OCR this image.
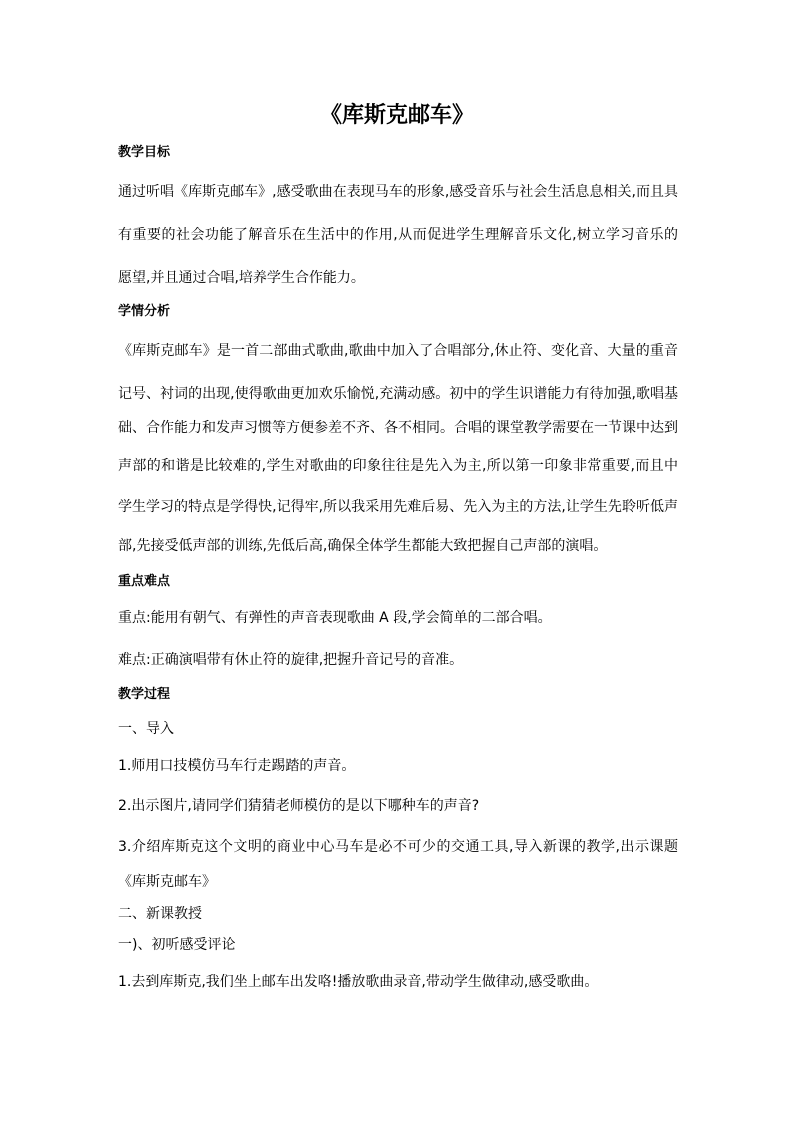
《库斯克邮车》

教学目标

通过听唱《库斯克邮车》,感受歌曲在表现马车的形象,感受音乐与社会生活息息相关,而且具

有重要的社会功能了解音乐在生活中的作用,从而促进学生理解音乐文化,树立学习音乐的

愿望,并且通过合唱,培养学生合作能力。

学情分析

《库斯克邮车》是一首二部曲式歌曲,歌曲中加入了合唱部分,休止符、变化音、大量的重音

记号、衬词的出现,使得歌曲更加欢乐愉悦,充满动感。初中的学生识谱能力有待加强,歌唱基

础、合作能力和发声习惯等方便参差不齐、各不相同。合唱的课堂教学需要在一节课中达到

声部的和谐是比较难的,学生对歌曲的印象往往是先入为主,所以第一印象非常重要,而且中

学生学习的特点是学得快,记得牢,所以我采用先难后易、先入为主的方法,让学生先聆听低声

部,先接受低声部的训练,先低后高,确保全体学生都能大致把握自己声部的演唱。

重点难点

重点:能用有朝气、有弹性的声音表现歌曲 A 段,学会简单的二部合唱。

难点:正确演唱带有休止符的旋律,把握升音记号的音准。

教学过程

一、导入

1.师用口技模仿马车行走踢踏的声音。

2.出示图片,请同学们猜猜老师模仿的是以下哪种车的声音?

3.介绍库斯克这个文明的商业中心马车是必不可少的交通工具,导入新课的教学,出示课题

《库斯克邮车》

二、新课教授

一)、初听感受评论

1.去到库斯克,我们坐上邮车出发咯!播放歌曲录音,带动学生做律动,感受歌曲。
